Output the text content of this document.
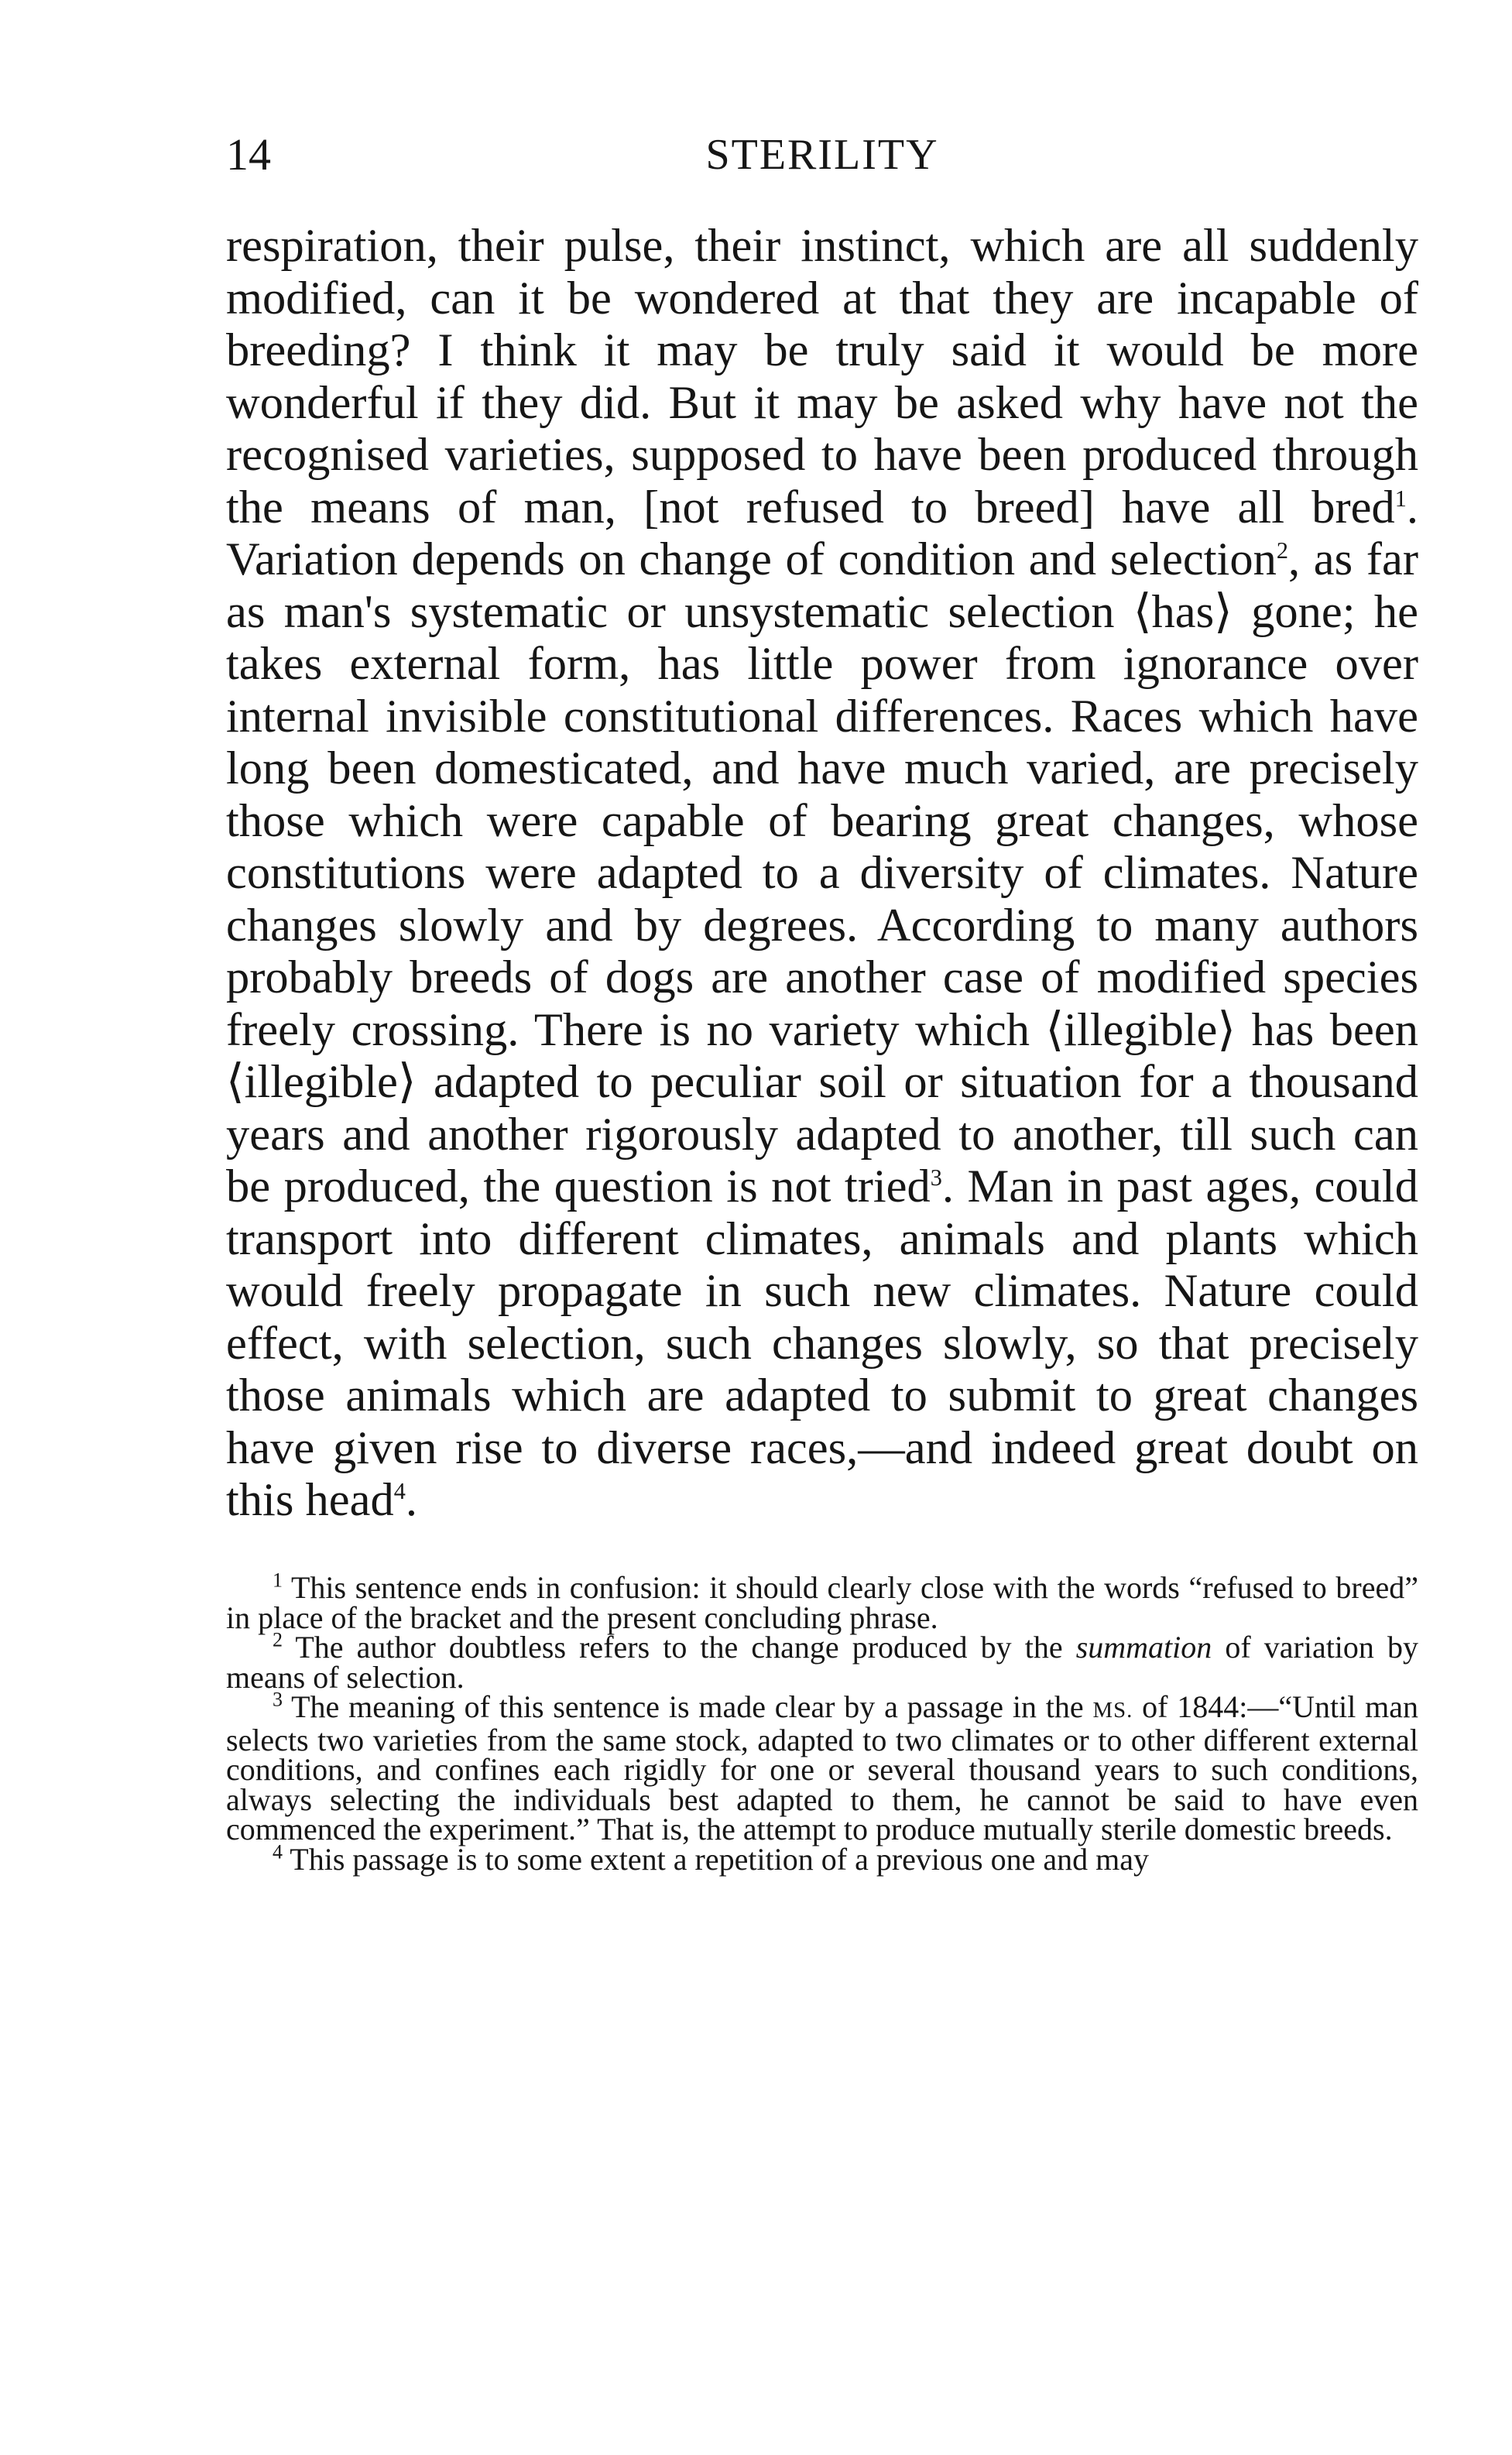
14	STERILITY

respiration, their pulse, their instinct, which are all suddenly modified, can it be wondered at that they are incapable of breeding? I think it may be truly said it would be more wonderful if they did. But it may be asked why have not the recognised varieties, supposed to have been produced through the means of man, [not refused to breed] have all bred$^1$. Variation depends on change of condition and selection$^2$, as far as man's systematic or unsystematic selection ⟨has⟩ gone; he takes external form, has little power from ignorance over internal invisible constitutional differences. Races which have long been domesticated, and have much varied, are precisely those which were capable of bearing great changes, whose constitutions were adapted to a diversity of climates. Nature changes slowly and by degrees. According to many authors probably breeds of dogs are another case of modified species freely crossing. There is no variety which ⟨illegible⟩ has been ⟨illegible⟩ adapted to peculiar soil or situation for a thousand years and another rigorously adapted to another, till such can be produced, the question is not tried$^3$. Man in past ages, could transport into different climates, animals and plants which would freely propagate in such new climates. Nature could effect, with selection, such changes slowly, so that precisely those animals which are adapted to submit to great changes have given rise to diverse races,—and indeed great doubt on this head$^4$.

$^1$ This sentence ends in confusion: it should clearly close with the words “refused to breed” in place of the bracket and the present concluding phrase.

$^2$ The author doubtless refers to the change produced by the summation of variation by means of selection.

$^3$ The meaning of this sentence is made clear by a passage in the MS. of 1844:—“Until man selects two varieties from the same stock, adapted to two climates or to other different external conditions, and confines each rigidly for one or several thousand years to such conditions, always selecting the individuals best adapted to them, he cannot be said to have even commenced the experiment.” That is, the attempt to produce mutually sterile domestic breeds.

$^4$ This passage is to some extent a repetition of a previous one and may
